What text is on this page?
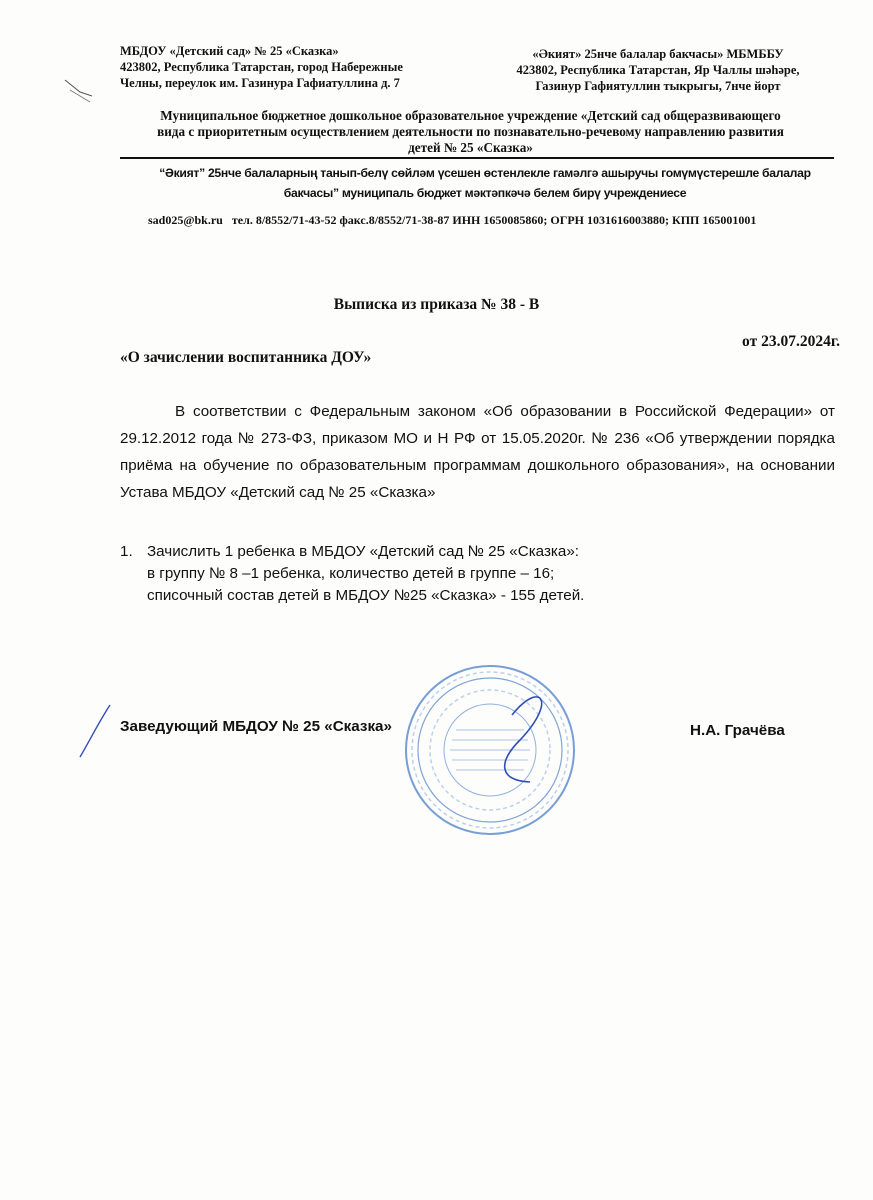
МБДОУ «Детский сад» № 25 «Сказка»
423802, Республика Татарстан, город Набережные
Челны, переулок им. Газинура Гафиатуллина д. 7
«Әкият» 25нче балалар бакчасы» МБМББУ
423802, Республика Татарстан, Яр Чаллы шәһәре,
Газинур Гафиятуллин тыкрыгы, 7нче йорт
Муниципальное бюджетное дошкольное образовательное учреждение «Детский сад общеразвивающего
вида с приоритетным осуществлением деятельности по познавательно-речевому направлению развития
детей № 25 «Сказка»
“Әкият” 25нче балаларның танып-белү сөйләм үсешен өстенлекле гамәлгә ашыручы гомүмүстерешле балалар
бакчасы” муниципаль бюджет мәктәпкәчә белем бирү учреждениесе
sad025@bk.ru тел. 8/8552/71-43-52 факс.8/8552/71-38-87 ИНН 1650085860; ОГРН 1031616003880; КПП 165001001
Выписка из приказа № 38 - В
от 23.07.2024г.
«О зачислении воспитанника ДОУ»
В соответствии с Федеральным законом «Об образовании в Российской Федерации» от 29.12.2012 года № 273-ФЗ, приказом МО и Н РФ от 15.05.2020г. № 236 «Об утверждении порядка приёма на обучение по образовательным программам дошкольного образования», на основании Устава МБДОУ «Детский сад № 25 «Сказка»
1. Зачислить 1 ребенка в МБДОУ «Детский сад № 25 «Сказка»:
в группу № 8 –1 ребенка, количество детей в группе – 16;
списочный состав детей в МБДОУ №25 «Сказка» - 155 детей.
Заведующий МБДОУ № 25 «Сказка»	Н.А. Грачёва
